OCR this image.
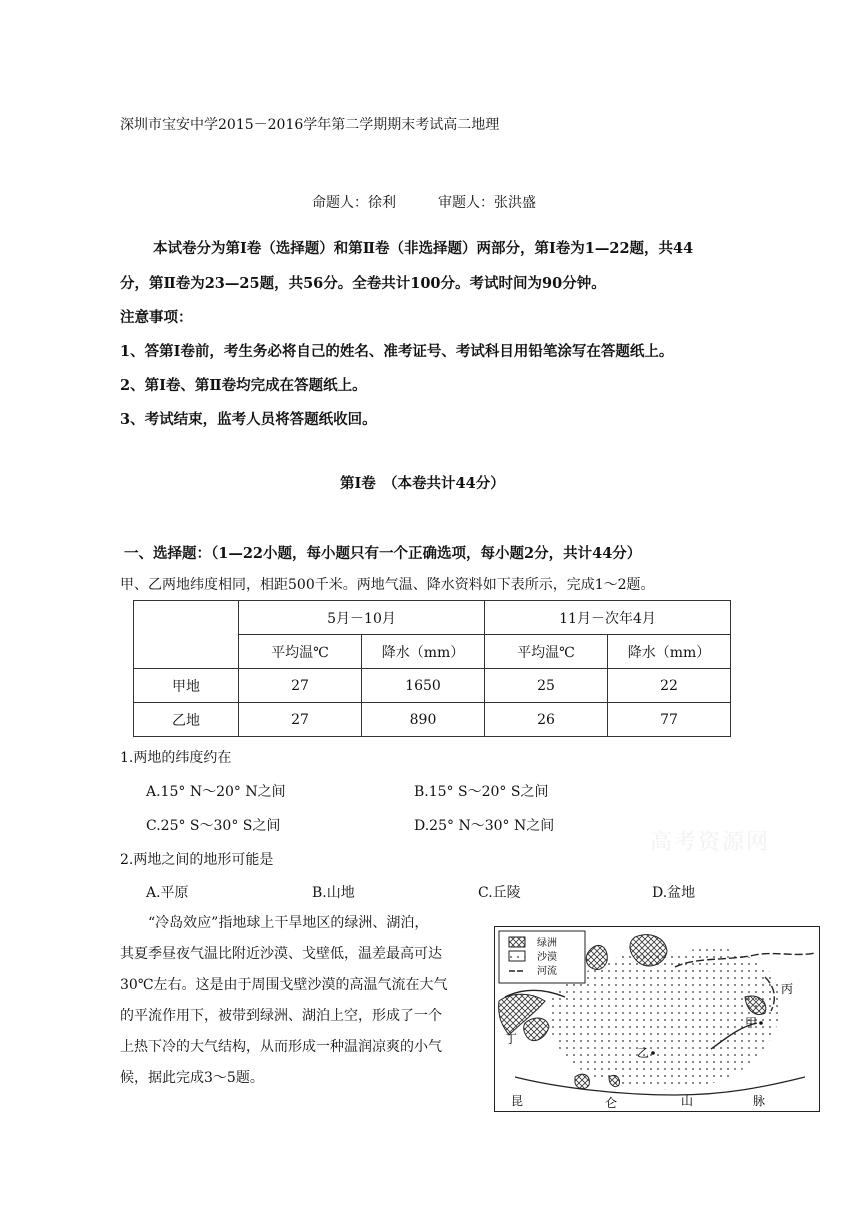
深圳市宝安中学2015－2016学年第二学期期末考试高二地理
命题人：徐利　　　审题人：张洪盛
本试卷分为第Ⅰ卷（选择题）和第Ⅱ卷（非选择题）两部分，第Ⅰ卷为1—22题，共44
分，第Ⅱ卷为23—25题，共56分。全卷共计100分。考试时间为90分钟。
注意事项：
1、答第Ⅰ卷前，考生务必将自己的姓名、准考证号、考试科目用铅笔涂写在答题纸上。
2、第Ⅰ卷、第Ⅱ卷均完成在答题纸上。
3、考试结束，监考人员将答题纸收回。
第Ⅰ卷　（本卷共计44分）
一、选择题：（1—22小题，每小题只有一个正确选项，每小题2分，共计44分）
甲、乙两地纬度相同，相距500千米。两地气温、降水资料如下表所示，完成1～2题。
	5月－10月		11月－次年4月	
	平均温℃	降水（mm）	平均温℃	降水（mm）
甲地	27	1650	25	22
乙地	27	890	26	77
1.两地的纬度约在
A.15° N～20° N之间	B.15° S～20° S之间
C.25° S～30° S之间	D.25° N～30° N之间
高考资源网
2.两地之间的地形可能是
A.平原	B.山地	C.丘陵	D.盆地
“冷岛效应”指地球上干旱地区的绿洲、湖泊，
其夏季昼夜气温比附近沙漠、戈壁低，温差最高可达
30℃左右。这是由于周围戈壁沙漠的高温气流在大气
的平流作用下，被带到绿洲、湖泊上空，形成了一个
上热下冷的大气结构，从而形成一种温润凉爽的小气
候，据此完成3～5题。
绿洲
沙漠
河流
丙
甲
乙
丁
昆	仑	山	脉
